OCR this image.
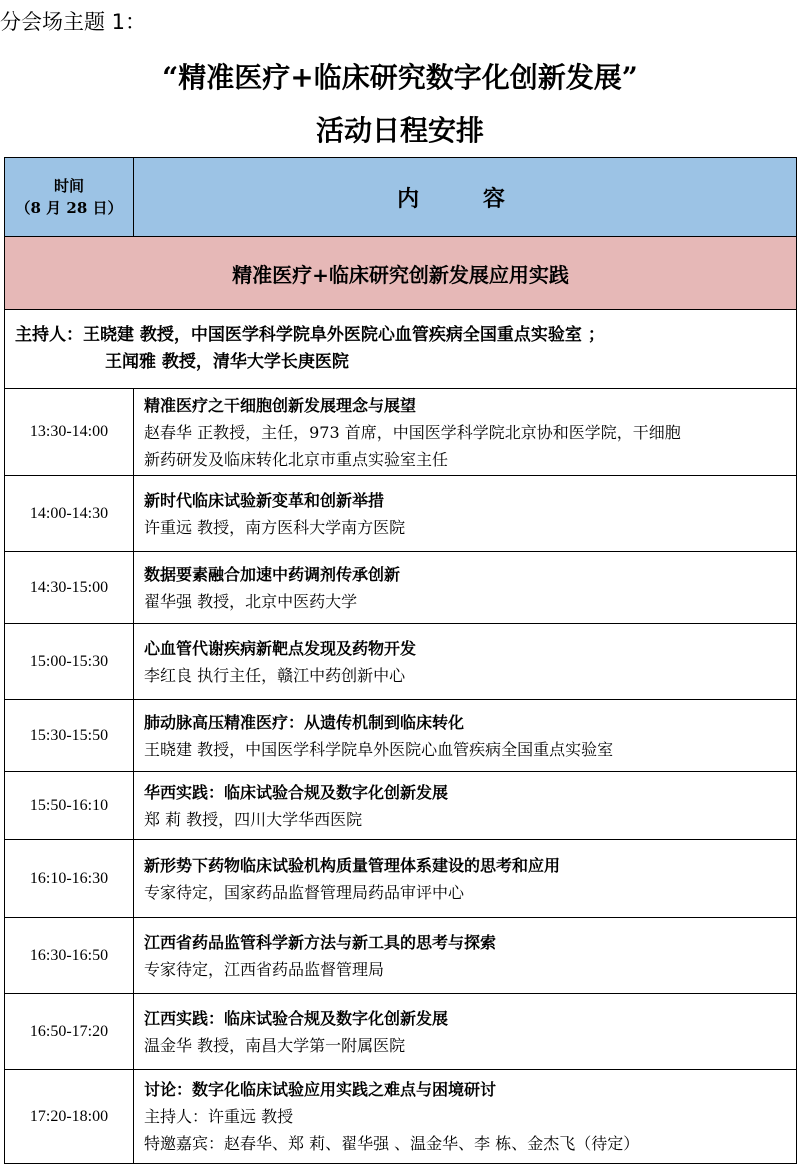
分会场主题 1：
“精准医疗+临床研究数字化创新发展”
活动日程安排
时间
（8 月 28 日）	内 容
精准医疗+临床研究创新发展应用实践	
主持人：王晓建 教授，中国医学科学院阜外医院心血管疾病全国重点实验室 ；
王闻雅 教授，清华大学长庚医院	

13:30-14:00	精准医疗之干细胞创新发展理念与展望
赵春华 正教授，主任，973 首席，中国医学科学院北京协和医学院，干细胞
新药研发及临床转化北京市重点实验室主任

14:00-14:30	新时代临床试验新变革和创新举措
许重远 教授，南方医科大学南方医院

14:30-15:00	数据要素融合加速中药调剂传承创新
翟华强 教授，北京中医药大学

15:00-15:30	心血管代谢疾病新靶点发现及药物开发
李红良 执行主任，赣江中药创新中心

15:30-15:50	肺动脉高压精准医疗：从遗传机制到临床转化
王晓建 教授，中国医学科学院阜外医院心血管疾病全国重点实验室

15:50-16:10	华西实践：临床试验合规及数字化创新发展
郑 莉 教授，四川大学华西医院

16:10-16:30	新形势下药物临床试验机构质量管理体系建设的思考和应用
专家待定，国家药品监督管理局药品审评中心

16:30-16:50	江西省药品监管科学新方法与新工具的思考与探索
专家待定，江西省药品监督管理局

16:50-17:20	江西实践：临床试验合规及数字化创新发展
温金华 教授，南昌大学第一附属医院

17:20-18:00	讨论：数字化临床试验应用实践之难点与困境研讨
主持人：许重远 教授
特邀嘉宾：赵春华、郑 莉、翟华强 、温金华、李 栋、金杰飞（待定）
